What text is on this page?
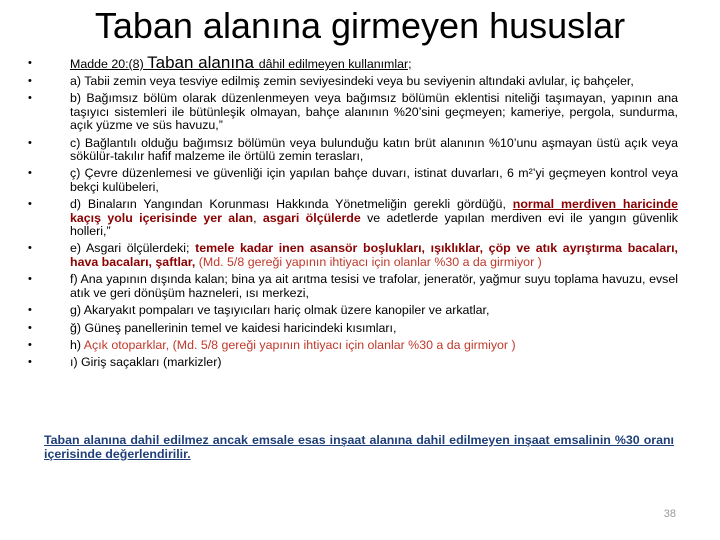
Taban alanına girmeyen hususlar
• Madde 20:(8) Taban alanına dâhil edilmeyen kullanımlar;
• a) Tabii zemin veya tesviye edilmiş zemin seviyesindeki veya bu seviyenin altındaki avlular, iç bahçeler,
• b) Bağımsız bölüm olarak düzenlenmeyen veya bağımsız bölümün eklentisi niteliği taşımayan, yapının ana taşıyıcı sistemleri ile bütünleşik olmayan, bahçe alanının %20’sini geçmeyen; kameriye, pergola, sundurma, açık yüzme ve süs havuzu,”
• c) Bağlantılı olduğu bağımsız bölümün veya bulunduğu katın brüt alanının %10’unu aşmayan üstü açık veya sökülür-takılır hafif malzeme ile örtülü zemin terasları,
• ç) Çevre düzenlemesi ve güvenliği için yapılan bahçe duvarı, istinat duvarları, 6 m²’yi geçmeyen kontrol veya bekçi kulübeleri,
• d) Binaların Yangından Korunması Hakkında Yönetmeliğin gerekli gördüğü, normal merdiven haricinde kaçış yolu içerisinde yer alan, asgari ölçülerde ve adetlerde yapılan merdiven evi ile yangın güvenlik holleri,”
• e) Asgari ölçülerdeki; temele kadar inen asansör boşlukları, ışıklıklar, çöp ve atık ayrıştırma bacaları, hava bacaları, şaftlar, (Md. 5/8 gereği yapının ihtiyacı için olanlar %30 a da girmiyor )
• f) Ana yapının dışında kalan; bina ya ait arıtma tesisi ve trafolar, jeneratör, yağmur suyu toplama havuzu, evsel atık ve geri dönüşüm hazneleri, ısı merkezi,
• g) Akaryakıt pompaları ve taşıyıcıları hariç olmak üzere kanopiler ve arkatlar,
• ğ) Güneş panellerinin temel ve kaidesi haricindeki kısımları,
• h) Açık otoparklar, (Md. 5/8 gereği yapının ihtiyacı için olanlar %30 a da girmiyor )
• ı) Giriş saçakları (markizler)

Taban alanına dahil edilmez ancak emsale esas inşaat alanına dahil edilmeyen inşaat emsalinin %30 oranı içerisinde değerlendirilir.

38
